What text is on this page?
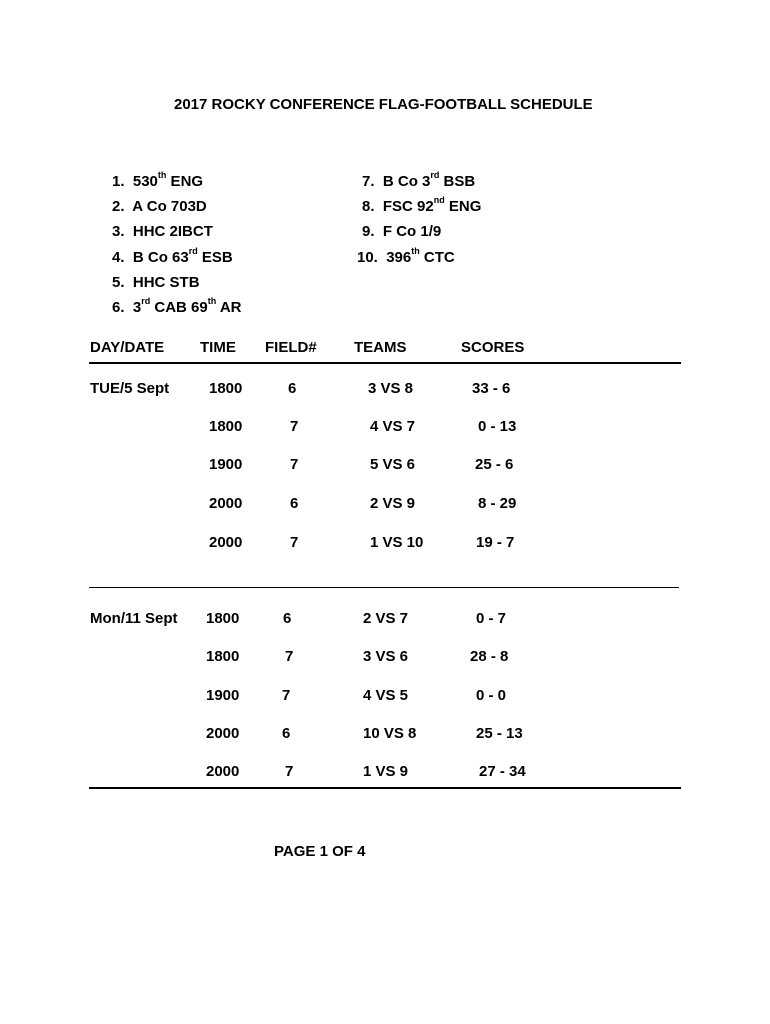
2017 ROCKY CONFERENCE FLAG-FOOTBALL SCHEDULE
1. 530th ENG
2.  A Co 703D
3. HHC 2IBCT
4. B Co 63rd ESB
5. HHC STB
6. 3rd CAB 69th AR
7. B Co 3rd BSB
8. FSC 92nd ENG
9. F Co 1/9
10. 396th CTC
DAY/DATE TIME FIELD# TEAMS	SCORES
TUE/5 Sept	1800	6	3 VS 8	33 - 6
1800	7	4 VS 7	0 - 13
1900	7	5 VS 6	25 - 6
2000	6	2 VS 9	8 - 29
2000	7	1 VS 10	19 - 7
Mon/11 Sept 1800	6	2 VS 7	0 - 7
1800	7	3 VS 6	28 - 8
1900	7	4 VS 5	0 - 0
2000	6	10 VS 8	25 - 13
2000	7	1 VS 9	27 - 34
PAGE 1 OF 4
